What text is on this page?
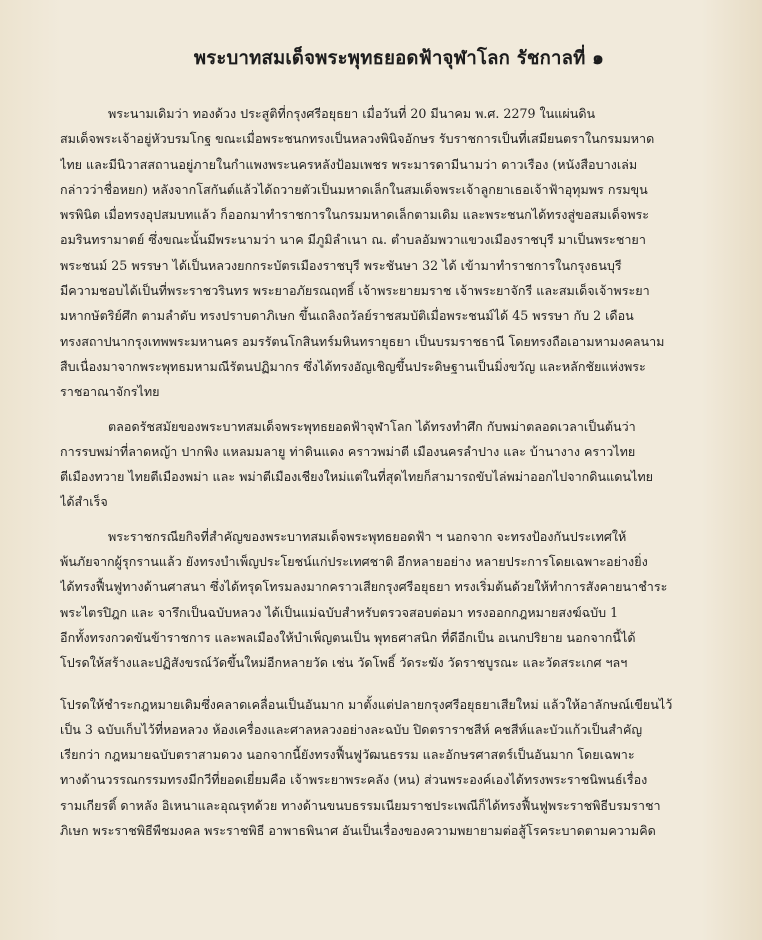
พระบาทสมเด็จพระพุทธยอดฟ้าจุฬาโลก รัชกาลที่ ๑
พระนามเดิมว่า ทองด้วง ประสูติที่กรุงศรีอยุธยา เมื่อวันที่ 20 มีนาคม พ.ศ. 2279 ในแผ่นดิน
สมเด็จพระเจ้าอยู่หัวบรมโกฐ ขณะเมื่อพระชนกทรงเป็นหลวงพินิจอักษร รับราชการเป็นที่เสมียนตราในกรมมหาด
ไทย และมีนิวาสสถานอยู่ภายในกำแพงพระนครหลังป้อมเพชร พระมารดามีนามว่า ดาวเรือง (หนังสือบางเล่ม
กล่าวว่าชื่อหยก) หลังจากโสกันต์แล้วได้ถวายตัวเป็นมหาดเล็กในสมเด็จพระเจ้าลูกยาเธอเจ้าฟ้าอุทุมพร กรมขุน
พรพินิต เมื่อทรงอุปสมบทแล้ว ก็ออกมาทำราชการในกรมมหาดเล็กตามเดิม และพระชนกได้ทรงสู่ขอสมเด็จพระ
อมรินทรามาตย์ ซึ่งขณะนั้นมีพระนามว่า นาค มีภูมิลำเนา ณ. ตำบลอัมพวาแขวงเมืองราชบุรี มาเป็นพระชายา
พระชนม์ 25 พรรษา ได้เป็นหลวงยกกระบัตรเมืองราชบุรี พระชันษา 32 ได้ เข้ามาทำราชการในกรุงธนบุรี
มีความชอบได้เป็นที่พระราชวรินทร พระยาอภัยรณฤทธิ์ เจ้าพระยายมราช เจ้าพระยาจักรี และสมเด็จเจ้าพระยา
มหากษัตริย์ศึก ตามลำดับ ทรงปราบดาภิเษก ขึ้นเถลิงถวัลย์ราชสมบัติเมื่อพระชนม์ได้ 45 พรรษา กับ 2 เดือน
ทรงสถาปนากรุงเทพพระมหานคร อมรรัตนโกสินทร์มหินทรายุธยา เป็นบรมราชธานี โดยทรงถือเอามหามงคลนาม
สืบเนื่องมาจากพระพุทธมหามณีรัตนปฏิมากร ซึ่งได้ทรงอัญเชิญขึ้นประดิษฐานเป็นมิ่งขวัญ และหลักชัยแห่งพระ
ราชอาณาจักรไทย
ตลอดรัชสมัยของพระบาทสมเด็จพระพุทธยอดฟ้าจุฬาโลก ได้ทรงทำศึก กับพม่าตลอดเวลาเป็นต้นว่า
การรบพม่าที่ลาดหญ้า ปากพิง แหลมมลายู ท่าดินแดง คราวพม่าตี เมืองนครลำปาง และ บ้านางาง คราวไทย
ตีเมืองทวาย ไทยตีเมืองพม่า และ พม่าตีเมืองเชียงใหม่แต่ในที่สุดไทยก็สามารถขับไล่พม่าออกไปจากดินแดนไทย
ได้สำเร็จ
พระราชกรณียกิจที่สำคัญของพระบาทสมเด็จพระพุทธยอดฟ้า ฯ นอกจาก จะทรงป้องกันประเทศให้
พ้นภัยจากผู้รุกรานแล้ว ยังทรงบำเพ็ญประโยชน์แก่ประเทศชาติ อีกหลายอย่าง หลายประการโดยเฉพาะอย่างยิ่ง
ได้ทรงฟื้นฟูทางด้านศาสนา ซึ่งได้ทรุดโทรมลงมากคราวเสียกรุงศรีอยุธยา ทรงเริ่มต้นด้วยให้ทำการสังคายนาชำระ
พระไตรปิฎก และ จารึกเป็นฉบับหลวง ได้เป็นแม่ฉบับสำหรับตรวจสอบต่อมา ทรงออกกฎหมายสงฆ์ฉบับ 1
อีกทั้งทรงกวดขันข้าราชการ และพลเมืองให้บำเพ็ญตนเป็น พุทธศาสนิก ที่ดีอีกเป็น อเนกปริยาย นอกจากนี้ได้
โปรดให้สร้างและปฏิสังขรณ์วัดขึ้นใหม่อีกหลายวัด เช่น วัดโพธิ์ วัดระฆัง วัดราชบูรณะ และวัดสระเกศ ฯลฯ
โปรดให้ชำระกฎหมายเดิมซึ่งคลาดเคลื่อนเป็นอันมาก มาตั้งแต่ปลายกรุงศรีอยุธยาเสียใหม่ แล้วให้อาลักษณ์เขียนไว้
เป็น 3 ฉบับเก็บไว้ที่หอหลวง ห้องเครื่องและศาลหลวงอย่างละฉบับ ปิดตราราชสีห์ คชสีห์และบัวแก้วเป็นสำคัญ
เรียกว่า กฎหมายฉบับตราสามดวง นอกจากนี้ยังทรงฟื้นฟูวัฒนธรรม และอักษรศาสตร์เป็นอันมาก โดยเฉพาะ
ทางด้านวรรณกรรมทรงมีกวีที่ยอดเยี่ยมคือ เจ้าพระยาพระคลัง (หน) ส่วนพระองค์เองได้ทรงพระราชนิพนธ์เรื่อง
รามเกียรติ์ ดาหลัง อิเหนาและอุณรุทด้วย ทางด้านขนบธรรมเนียมราชประเพณีก็ได้ทรงฟื้นฟูพระราชพิธีบรมราชา
ภิเษก พระราชพิธีพืชมงคล พระราชพิธี อาพาธพินาศ อันเป็นเรื่องของความพยายามต่อสู้โรคระบาดตามความคิด
